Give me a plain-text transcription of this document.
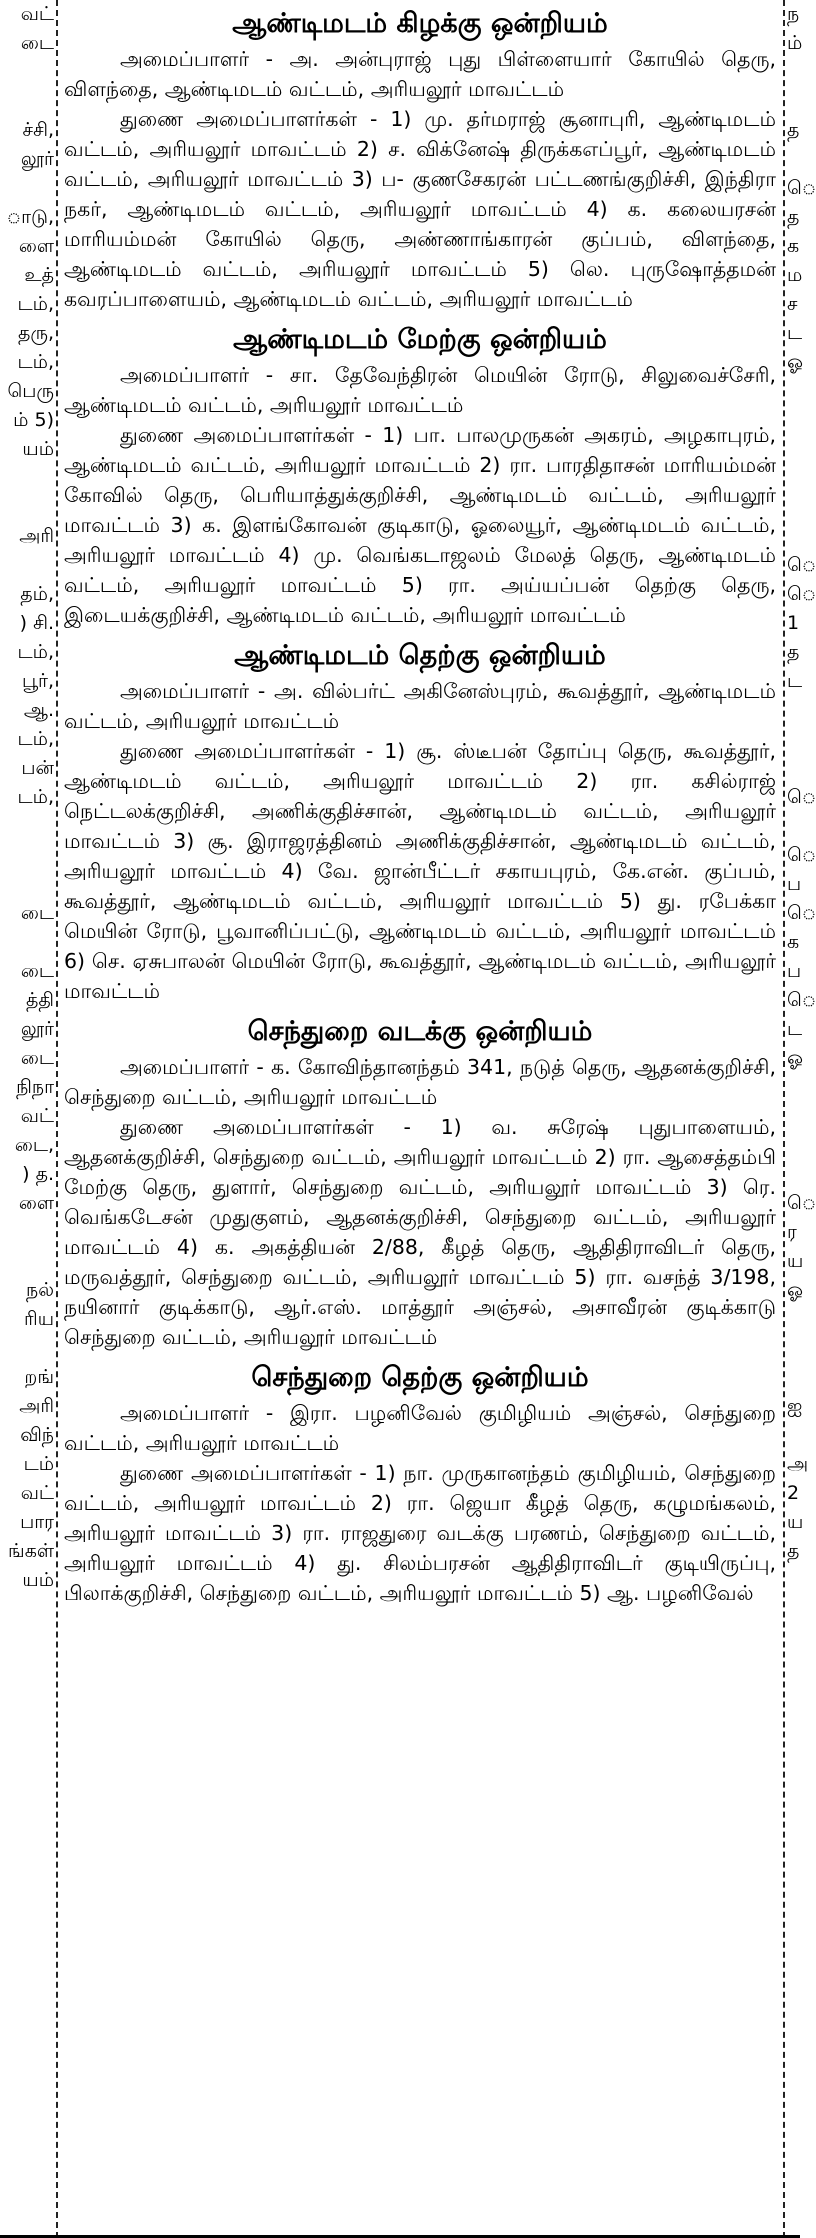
வட்
டை
ச்சி,
லூர்
ாடு,
ளை
உத்
டம்,
தரு,
டம்,
பெரு
ம் 5)
யம்
அரி
தம்,
) சி.
டம்,
பூர்,
ஆ.
டம்,
பன்
டம்,
டை
டை
த்தி
லூர்
டை
நிநா
வட்
டை,
) த.
ளை
நல்
ரிய
றங்
அரி
விந்
டம்
வட்
பார
ங்கள்
யம்
ந
ம்
த
ெ
த
க
ம
ச
ட
ஓ
ெ
ெ
1
த
ட
ெ
ெ
ப
ெ
க
ப
ெ
ட
ஓ
ெ
ர
ய
ஓ
ஐ
அ
2
ய
த
ஆண்டிமடம் கிழக்கு ஒன்றியம்

அமைப்பாளர் - அ. அன்புராஜ் புது பிள்ளையார் கோயில் தெரு, விளந்தை, ஆண்டிமடம் வட்டம், அரியலூர் மாவட்டம்

துணை அமைப்பாளர்கள் - 1) மு. தர்மராஜ் சூனாபுரி, ஆண்டிமடம் வட்டம், அரியலூர் மாவட்டம் 2) ச. விக்னேஷ் திருக்கஎப்பூர், ஆண்டிமடம் வட்டம், அரியலூர் மாவட்டம் 3) ப- குணசேகரன் பட்டணங்குறிச்சி, இந்திரா நகர், ஆண்டிமடம் வட்டம், அரியலூர் மாவட்டம் 4) க. கலையரசன் மாரியம்மன் கோயில் தெரு, அண்ணாங்காரன் குப்பம், விளந்தை, ஆண்டிமடம் வட்டம், அரியலூர் மாவட்டம் 5) லெ. புருஷோத்தமன் கவரப்பாளையம், ஆண்டிமடம் வட்டம், அரியலூர் மாவட்டம்

ஆண்டிமடம் மேற்கு ஒன்றியம்

அமைப்பாளர் - சா. தேவேந்திரன் மெயின் ரோடு, சிலுவைச்சேரி, ஆண்டிமடம் வட்டம், அரியலூர் மாவட்டம்

துணை அமைப்பாளர்கள் - 1) பா. பாலமுருகன் அகரம், அழகாபுரம், ஆண்டிமடம் வட்டம், அரியலூர் மாவட்டம் 2) ரா. பாரதிதாசன் மாரியம்மன் கோவில் தெரு, பெரியாத்துக்குறிச்சி, ஆண்டிமடம் வட்டம், அரியலூர் மாவட்டம் 3) க. இளங்கோவன் குடிகாடு, ஓலையூர், ஆண்டிமடம் வட்டம், அரியலூர் மாவட்டம் 4) மு. வெங்கடாஜலம் மேலத் தெரு, ஆண்டிமடம் வட்டம், அரியலூர் மாவட்டம் 5) ரா. அய்யப்பன் தெற்கு தெரு, இடையக்குறிச்சி, ஆண்டிமடம் வட்டம், அரியலூர் மாவட்டம்

ஆண்டிமடம் தெற்கு ஒன்றியம்

அமைப்பாளர் - அ. வில்பர்ட் அகினேஸ்புரம், கூவத்தூர், ஆண்டிமடம் வட்டம், அரியலூர் மாவட்டம்

துணை அமைப்பாளர்கள் - 1) சூ. ஸ்டீபன் தோப்பு தெரு, கூவத்தூர், ஆண்டிமடம் வட்டம், அரியலூர் மாவட்டம் 2) ரா. கசில்ராஜ் நெட்டலக்குறிச்சி, அணிக்குதிச்சான், ஆண்டிமடம் வட்டம், அரியலூர் மாவட்டம் 3) சூ. இராஜரத்தினம் அணிக்குதிச்சான், ஆண்டிமடம் வட்டம், அரியலூர் மாவட்டம் 4) வே. ஜான்பீட்டர் சகாயபுரம், கே.என். குப்பம், கூவத்தூர், ஆண்டிமடம் வட்டம், அரியலூர் மாவட்டம் 5) து. ரபேக்கா மெயின் ரோடு, பூவானிப்பட்டு, ஆண்டிமடம் வட்டம், அரியலூர் மாவட்டம் 6) செ. ஏசுபாலன் மெயின் ரோடு, கூவத்தூர், ஆண்டிமடம் வட்டம், அரியலூர் மாவட்டம்

செந்துறை வடக்கு ஒன்றியம்

அமைப்பாளர் - க. கோவிந்தானந்தம் 341, நடுத் தெரு, ஆதனக்குறிச்சி, செந்துறை வட்டம், அரியலூர் மாவட்டம்

துணை அமைப்பாளர்கள் - 1) வ. சுரேஷ் புதுபாளையம், ஆதனக்குறிச்சி, செந்துறை வட்டம், அரியலூர் மாவட்டம் 2) ரா. ஆசைத்தம்பி மேற்கு தெரு, துளார், செந்துறை வட்டம், அரியலூர் மாவட்டம் 3) ரெ. வெங்கடேசன் முதுகுளம், ஆதனக்குறிச்சி, செந்துறை வட்டம், அரியலூர் மாவட்டம் 4) க. அகத்தியன் 2/88, கீழத் தெரு, ஆதிதிராவிடர் தெரு, மருவத்தூர், செந்துறை வட்டம், அரியலூர் மாவட்டம் 5) ரா. வசந்த் 3/198, நயினார் குடிக்காடு, ஆர்.எஸ். மாத்தூர் அஞ்சல், அசாவீரன் குடிக்காடு செந்துறை வட்டம், அரியலூர் மாவட்டம்

செந்துறை தெற்கு ஒன்றியம்

அமைப்பாளர் - இரா. பழனிவேல் குமிழியம் அஞ்சல், செந்துறை வட்டம், அரியலூர் மாவட்டம்

துணை அமைப்பாளர்கள் - 1) நா. முருகானந்தம் குமிழியம், செந்துறை வட்டம், அரியலூர் மாவட்டம் 2) ரா. ஜெயா கீழத் தெரு, கழுமங்கலம், அரியலூர் மாவட்டம் 3) ரா. ராஜதுரை வடக்கு பரணம், செந்துறை வட்டம், அரியலூர் மாவட்டம் 4) து. சிலம்பரசன் ஆதிதிராவிடர் குடியிருப்பு, பிலாக்குறிச்சி, செந்துறை வட்டம், அரியலூர் மாவட்டம் 5) ஆ. பழனிவேல்
